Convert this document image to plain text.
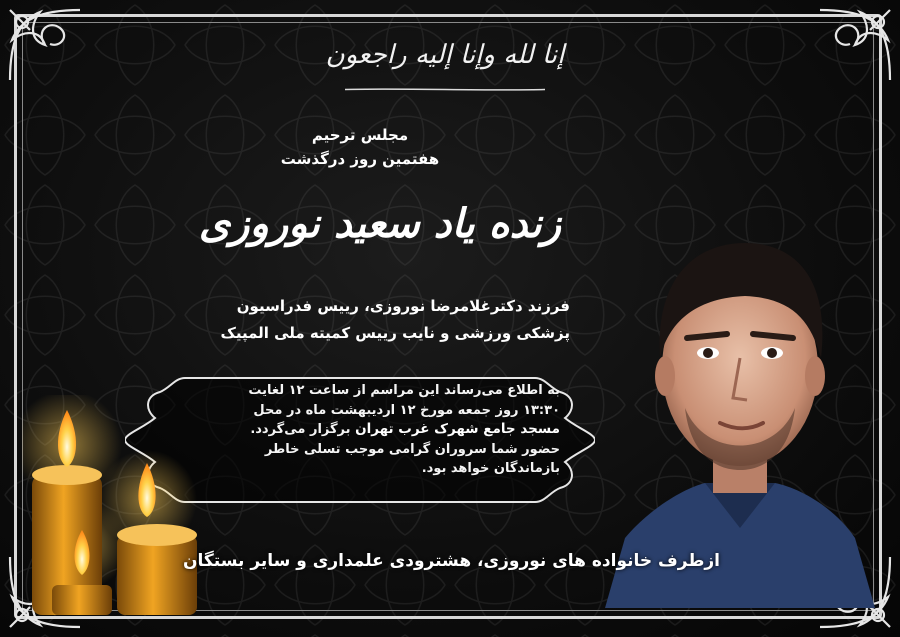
إنا لله وإنا إليه راجعون
مجلس ترحیم
هفتمین روز درگذشت
زنده یاد سعید نوروزی
فرزند دکترغلامرضا نوروزی، رییس فدراسیون
پزشکی ورزشی و نایب رییس کمیته ملی المپیک
به اطلاع می‌رساند این مراسم از ساعت ۱۲ لغایت
۱۳:۳۰ روز جمعه مورخ ۱۲ اردیبهشت ماه در محل
مسجد جامع شهرک غرب تهران برگزار می‌گردد.
حضور شما سروران گرامی موجب تسلی خاطر
بازماندگان خواهد بود.
ازطرف خانواده های نوروزی، هشترودی علمداری و سایر بستگان
